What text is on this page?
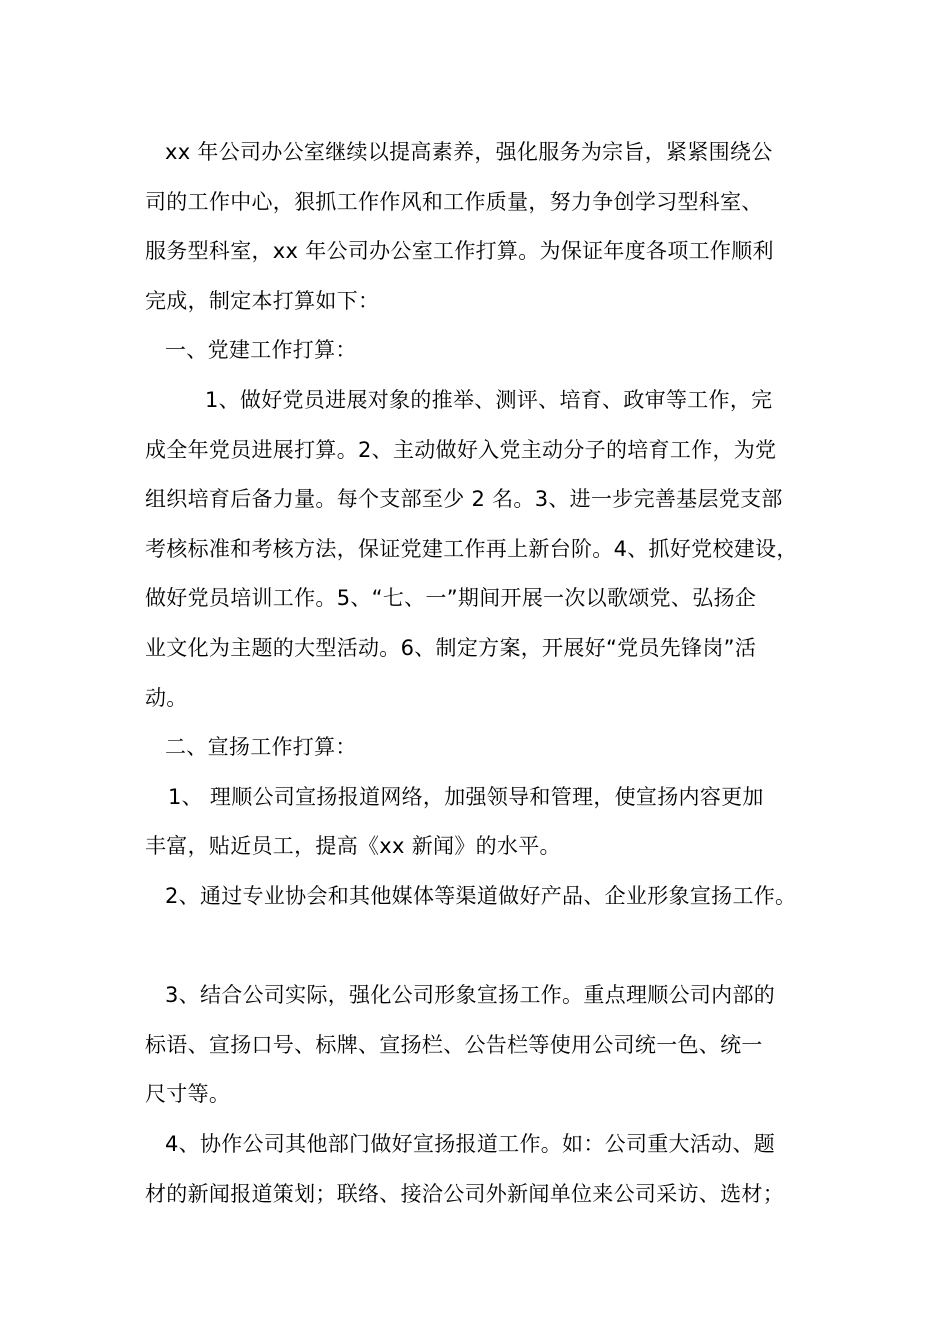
xx 年公司办公室继续以提高素养，强化服务为宗旨，紧紧围绕公
司的工作中心，狠抓工作作风和工作质量，努力争创学习型科室、
服务型科室，xx 年公司办公室工作打算。为保证年度各项工作顺利
完成，制定本打算如下：
一、党建工作打算：
1、做好党员进展对象的推举、测评、培育、政审等工作，完
成全年党员进展打算。2、主动做好入党主动分子的培育工作，为党
组织培育后备力量。每个支部至少 2 名。3、进一步完善基层党支部
考核标准和考核方法，保证党建工作再上新台阶。4、抓好党校建设，
做好党员培训工作。5、“七、一”期间开展一次以歌颂党、弘扬企
业文化为主题的大型活动。6、制定方案，开展好“党员先锋岗”活
动。
二、宣扬工作打算：
1、 理顺公司宣扬报道网络，加强领导和管理，使宣扬内容更加
丰富，贴近员工，提高《xx 新闻》的水平。
2、通过专业协会和其他媒体等渠道做好产品、企业形象宣扬工作。
3、结合公司实际，强化公司形象宣扬工作。重点理顺公司内部的
标语、宣扬口号、标牌、宣扬栏、公告栏等使用公司统一色、统一
尺寸等。
4、协作公司其他部门做好宣扬报道工作。如：公司重大活动、题
材的新闻报道策划；联络、接洽公司外新闻单位来公司采访、选材；
